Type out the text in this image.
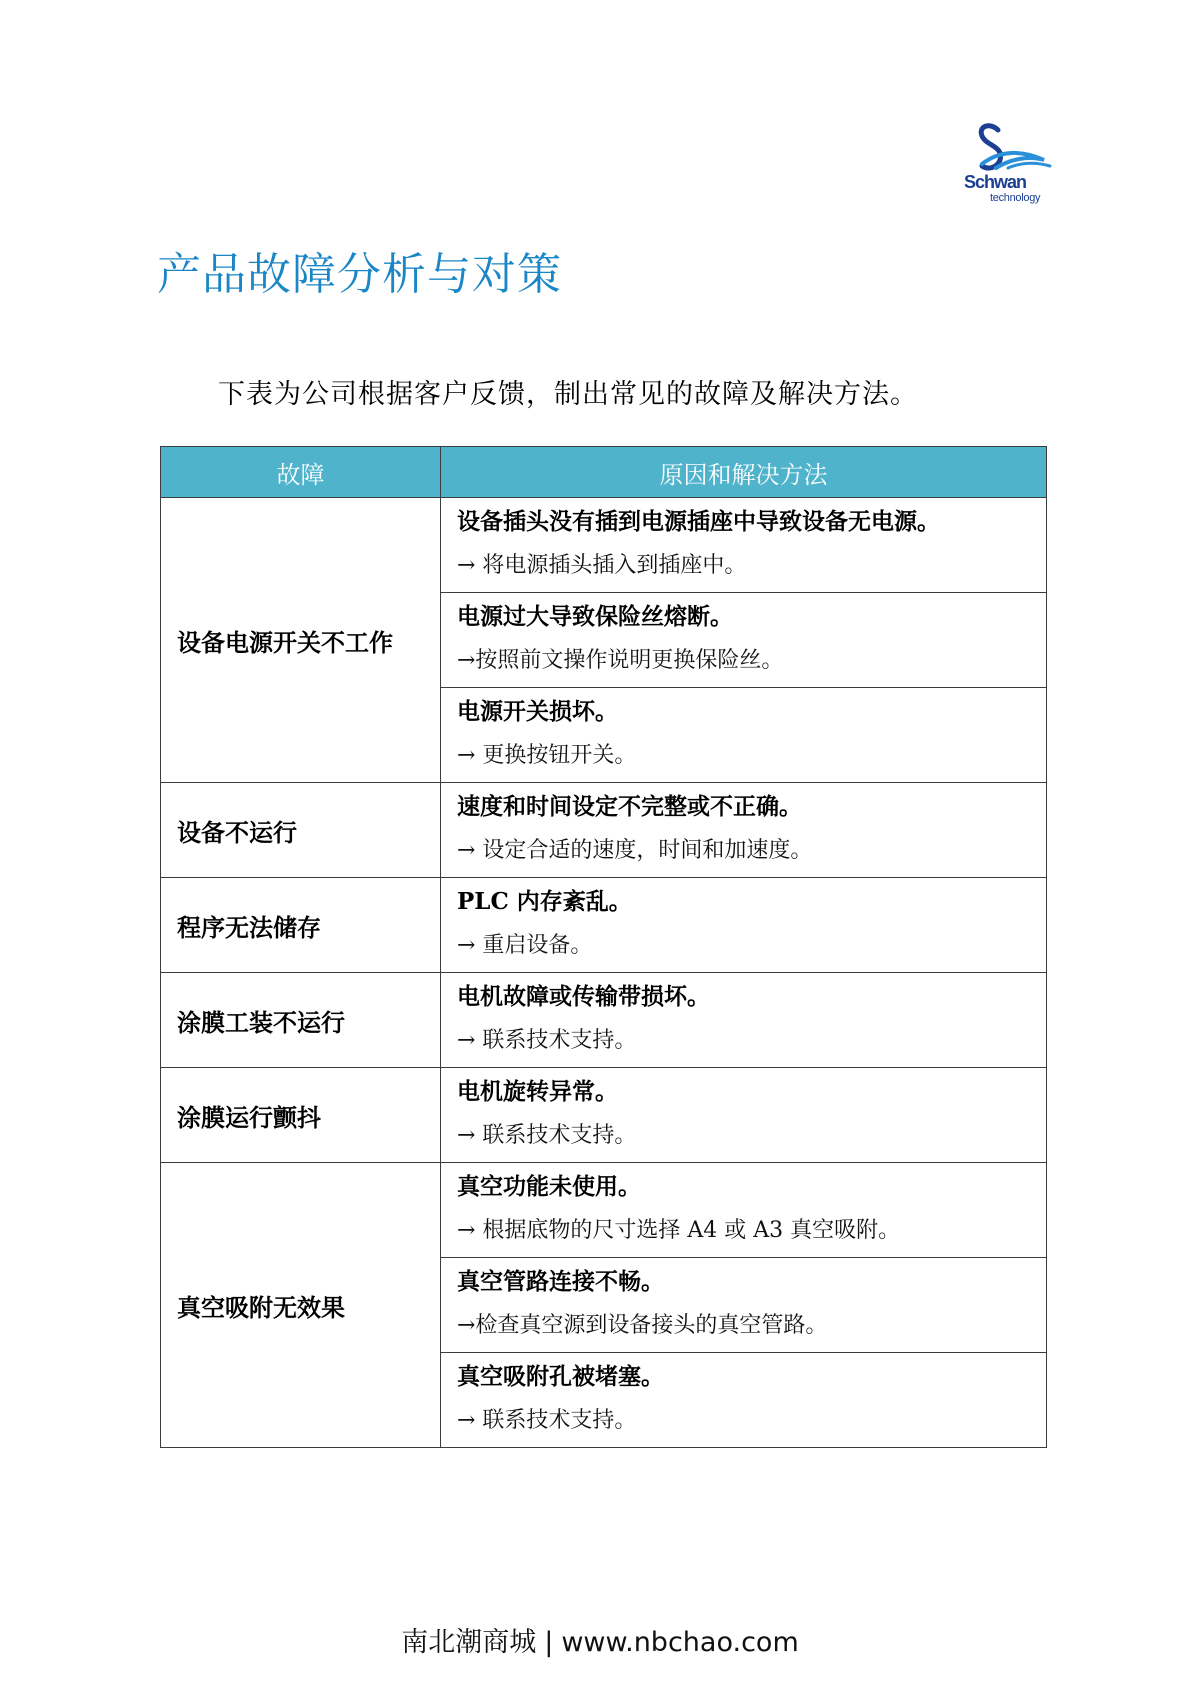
Schwan
technology
产品故障分析与对策
下表为公司根据客户反馈，制出常见的故障及解决方法。
故障	原因和解决方法
设备电源开关不工作	设备插头没有插到电源插座中导致设备无电源。
→ 将电源插头插入到插座中。

	电源过大导致保险丝熔断。
→按照前文操作说明更换保险丝。

	电源开关损坏。
→ 更换按钮开关。

设备不运行	速度和时间设定不完整或不正确。
→ 设定合适的速度，时间和加速度。

程序无法储存	PLC 内存紊乱。
→ 重启设备。

涂膜工装不运行	电机故障或传输带损坏。
→ 联系技术支持。

涂膜运行颤抖	电机旋转异常。
→ 联系技术支持。

真空吸附无效果	真空功能未使用。
→ 根据底物的尺寸选择 A4 或 A3 真空吸附。

	真空管路连接不畅。
→检查真空源到设备接头的真空管路。

	真空吸附孔被堵塞。
→ 联系技术支持。
南北潮商城 | www.nbchao.com
